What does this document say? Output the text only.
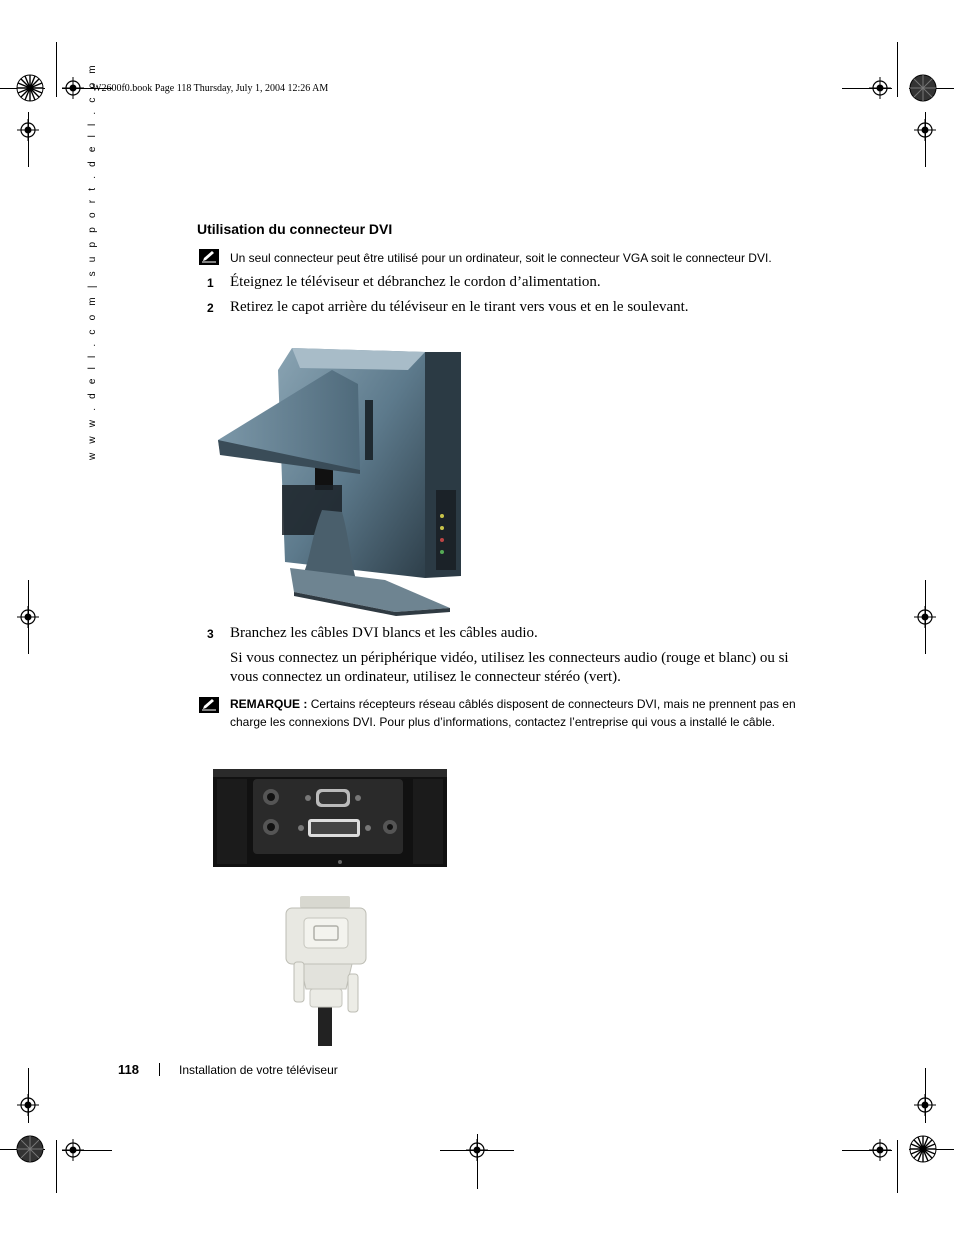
W2600f0.book Page 118 Thursday, July 1, 2004 12:26 AM
w w w . d e l l . c o m | s u p p o r t . d e l l . c o m	Utilisation du connecteur DVI
Un seul connecteur peut être utilisé pour un ordinateur, soit le connecteur VGA soit le connecteur DVI.
1 Éteignez le téléviseur et débranchez le cordon d’alimentation.
2 Retirez le capot arrière du téléviseur en le tirant vers vous et en le soulevant.
3 Branchez les câbles DVI blancs et les câbles audio.
Si vous connectez un périphérique vidéo, utilisez les connecteurs audio (rouge et blanc) ou si vous connectez un ordinateur, utilisez le connecteur stéréo (vert).
REMARQUE : Certains récepteurs réseau câblés disposent de connecteurs DVI, mais ne prennent pas en charge les connexions DVI. Pour plus d’informations, contactez l’entreprise qui vous a installé le câble.
118	Installation de votre téléviseur
